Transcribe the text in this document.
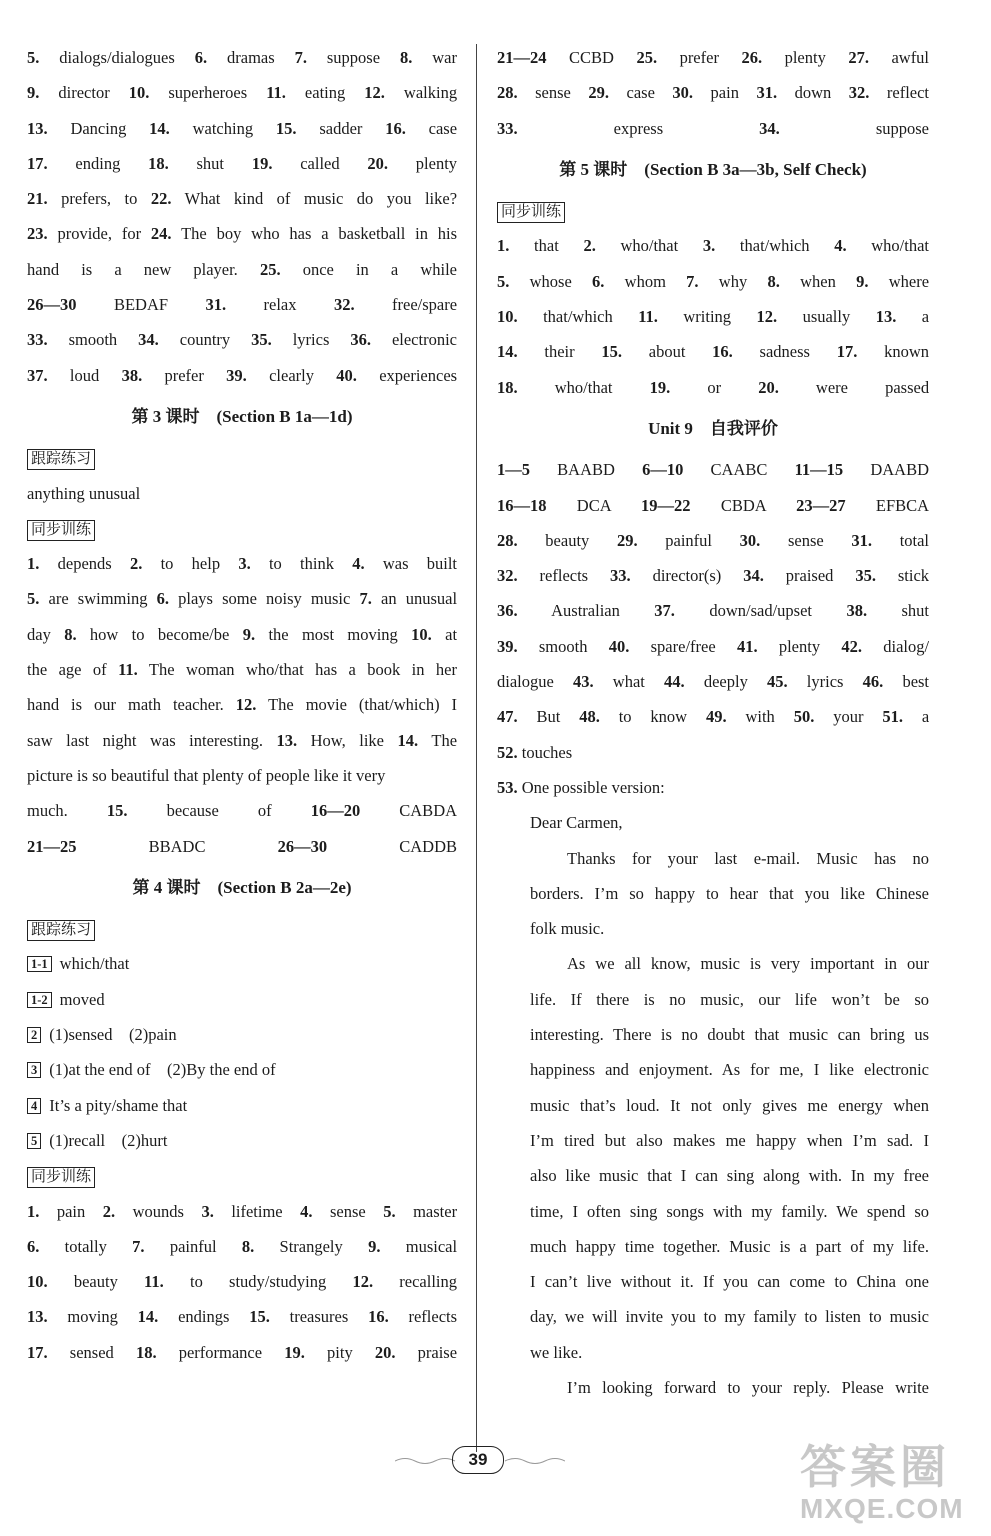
5. dialogs/dialogues 6. dramas 7. suppose 8. war
9. director 10. superheroes 11. eating 12. walking
13. Dancing 14. watching 15. sadder 16. case
17. ending 18. shut 19. called 20. plenty
21. prefers, to 22. What kind of music do you like?
23. provide, for 24. The boy who has a basketball in his
hand is a new player. 25. once in a while
26—30 BEDAF 31. relax 32. free/spare
33. smooth 34. country 35. lyrics 36. electronic
37. loud 38. prefer 39. clearly 40. experiences
第 3 课时　(Section B 1a—1d)
跟踪练习
anything unusual
同步训练
1. depends 2. to help 3. to think 4. was built
5. are swimming 6. plays some noisy music 7. an unusual
day 8. how to become/be 9. the most moving 10. at
the age of 11. The woman who/that has a book in her
hand is our math teacher. 12. The movie (that/which) I
saw last night was interesting. 13. How, like 14. The
picture is so beautiful that plenty of people like it very
much. 15. because of 16—20 CABDA
21—25	BBADC	26—30	CADDB
第 4 课时　(Section B 2a—2e)
跟踪练习
1-1 which/that
1-2 moved
2 (1)sensed　(2)pain
3 (1)at the end of　(2)By the end of
4 It’s a pity/shame that
5 (1)recall　(2)hurt
同步训练
1. pain 2. wounds 3. lifetime 4. sense 5. master
6. totally 7. painful 8. Strangely 9. musical
10. beauty 11. to study/studying 12. recalling
13. moving 14. endings 15. treasures 16. reflects
17. sensed 18. performance 19. pity 20. praise
21—24 CCBD 25. prefer 26. plenty 27. awful
28. sense 29. case 30. pain 31. down 32. reflect
33.	express	34.	suppose
第 5 课时　(Section B 3a—3b, Self Check)
同步训练
1. that 2. who/that 3. that/which 4. who/that
5. whose 6. whom 7. why 8. when 9. where
10. that/which 11. writing 12. usually 13. a
14. their 15. about 16. sadness 17. known
18. who/that 19. or 20. were passed
Unit 9　自我评价
1—5 BAABD 6—10 CAABC 11—15 DAABD
16—18 DCA 19—22 CBDA 23—27 EFBCA
28. beauty 29. painful 30. sense 31. total
32. reflects 33. director(s) 34. praised 35. stick
36. Australian 37. down/sad/upset 38. shut
39. smooth 40. spare/free 41. plenty 42. dialog/
dialogue 43. what 44. deeply 45. lyrics 46. best
47. But 48. to know 49. with 50. your 51. a
52. touches
53. One possible version:
Dear Carmen,
Thanks for your last e-mail. Music has no
borders. I’m so happy to hear that you like Chinese
folk music.
As we all know, music is very important in our
life. If there is no music, our life won’t be so
interesting. There is no doubt that music can bring us
happiness and enjoyment. As for me, I like electronic
music that’s loud. It not only gives me energy when
I’m tired but also makes me happy when I’m sad. I
also like music that I can sing along with. In my free
time, I often sing songs with my family. We spend so
much happy time together. Music is a part of my life.
I can’t live without it. If you can come to China one
day, we will invite you to my family to listen to music
we like.
I’m looking forward to your reply. Please write
39	答案圈
MXQE.COM
